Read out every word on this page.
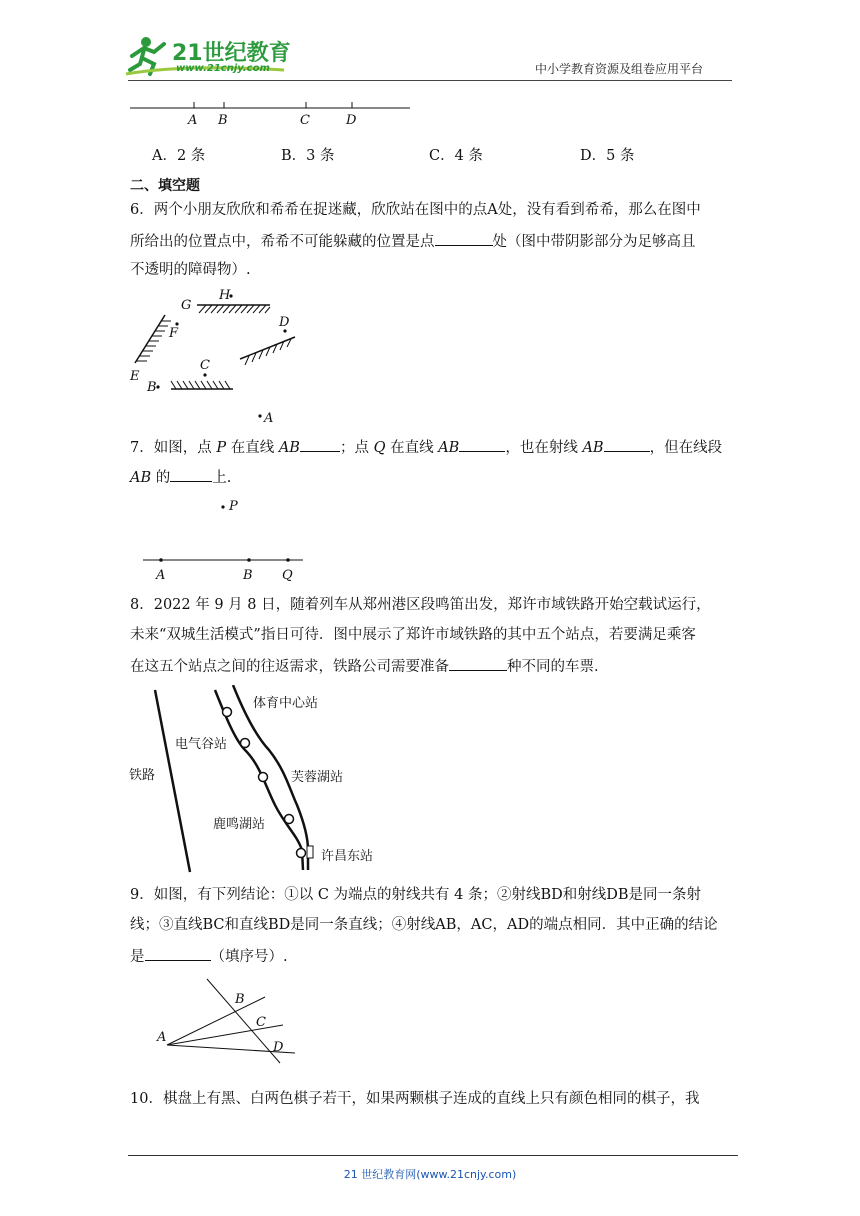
21世纪教育
www.21cnjy.com	中小学教育资源及组卷应用平台
A B	C	D
A．2 条	B．3 条	C．4 条	D．5 条
二、填空题
6．两个小朋友欣欣和希希在捉迷藏，欣欣站在图中的点A处，没有看到希希，那么在图中
所给出的位置点中，希希不可能躲藏的位置是点	处（图中带阴影部分为足够高且
不透明的障碍物）.
G
H
F
D
E
C
B
A
7．如图，点 P 在直线 AB	；点 Q 在直线 AB	，也在射线 AB	，但在线段
AB 的	上.
P
A	B Q
8．2022 年 9 月 8 日，随着列车从郑州港区段鸣笛出发，郑许市域铁路开始空载试运行，
未来“双城生活模式”指日可待．图中展示了郑许市域铁路的其中五个站点，若要满足乘客
在这五个站点之间的往返需求，铁路公司需要准备	种不同的车票．
铁路
体育中心站
电气谷站
芙蓉湖站
鹿鸣湖站
许昌东站
9．如图，有下列结论：①以 C 为端点的射线共有 4 条；②射线BD和射线DB是同一条射
线；③直线BC和直线BD是同一条直线；④射线AB，AC，AD的端点相同．其中正确的结论
是	（填序号）.
A
B
C
D
10．棋盘上有黑、白两色棋子若干，如果两颗棋子连成的直线上只有颜色相同的棋子，我
21 世纪教育网(www.21cnjy.com)
